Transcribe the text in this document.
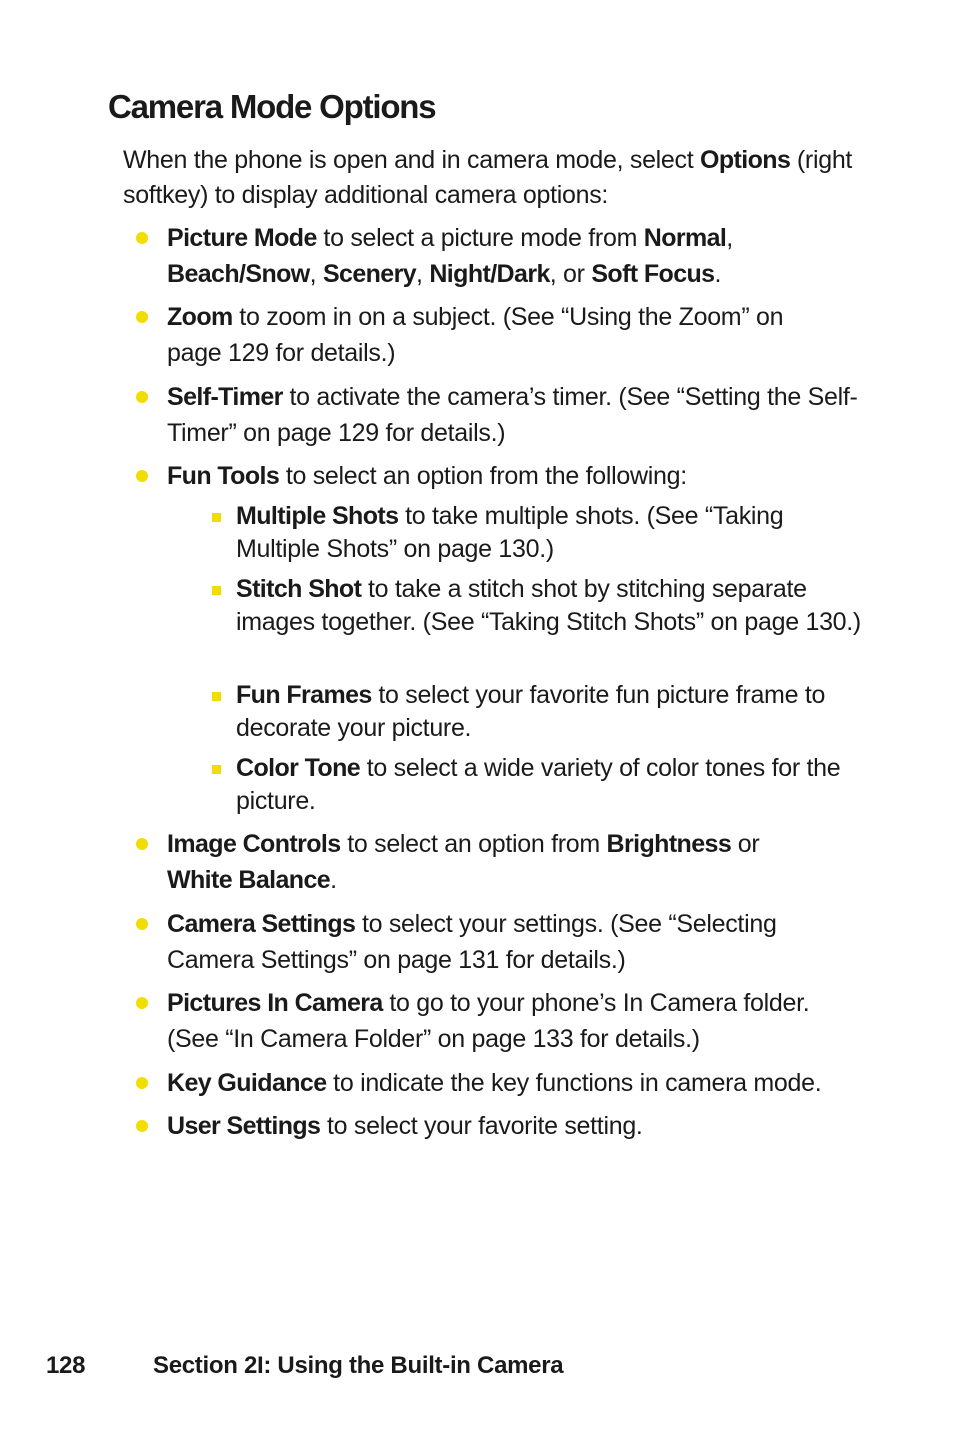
Camera Mode Options

When the phone is open and in camera mode, select Options (right softkey) to display additional camera options:

Picture Mode to select a picture mode from Normal, Beach/Snow, Scenery, Night/Dark, or Soft Focus.

Zoom to zoom in on a subject. (See “Using the Zoom” on page 129 for details.)

Self-Timer to activate the camera’s timer. (See “Setting the Self-Timer” on page 129 for details.)

Fun Tools to select an option from the following:

Multiple Shots to take multiple shots. (See “Taking Multiple Shots” on page 130.)

Stitch Shot to take a stitch shot by stitching separate images together. (See “Taking Stitch Shots” on page 130.)

Fun Frames to select your favorite fun picture frame to decorate your picture.

Color Tone to select a wide variety of color tones for the picture.

Image Controls to select an option from Brightness or White Balance.

Camera Settings to select your settings. (See “Selecting Camera Settings” on page 131 for details.)

Pictures In Camera to go to your phone’s In Camera folder. (See “In Camera Folder” on page 133 for details.)

Key Guidance to indicate the key functions in camera mode.

User Settings to select your favorite setting.

128	Section 2I: Using the Built-in Camera
